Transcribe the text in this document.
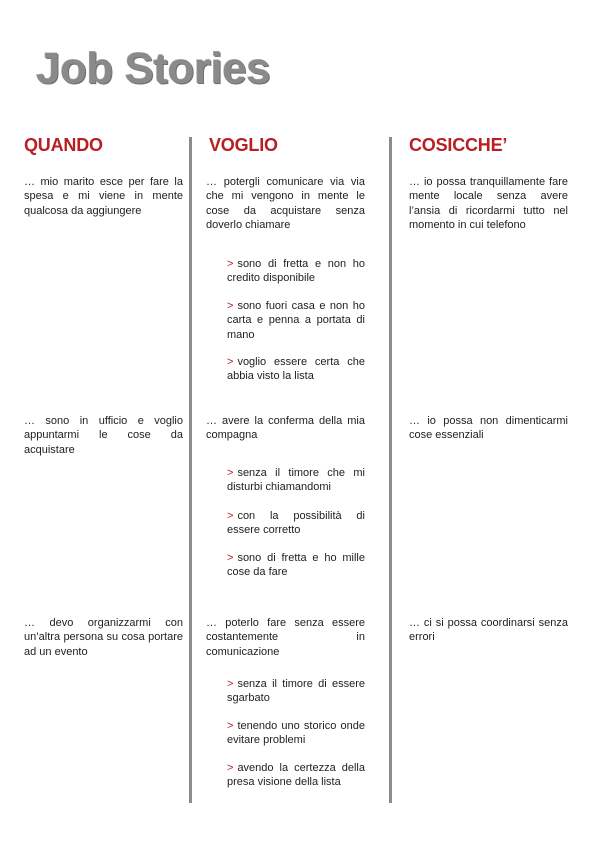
Job Stories
QUANDO	VOGLIO	COSICCHE’

… mio marito esce per fare la spesa e mi viene in mente qualcosa da aggiungere

… potergli comunicare via via che mi vengono in mente le cose da acquistare senza doverlo chiamare

… io possa tranquillamente fare mente locale senza avere l’ansia di ricordarmi tutto nel momento in cui telefono

> sono di fretta e non ho credito disponibile

> sono fuori casa e non ho carta e penna a portata di mano

> voglio essere certa che abbia visto la lista

… sono in ufficio e voglio appuntarmi le cose da acquistare

… avere la conferma della mia compagna

… io possa non dimenticarmi cose essenziali

> senza il timore che mi disturbi chiamandomi

> con la possibilità di essere corretto

> sono di fretta e ho mille cose da fare

… devo organizzarmi con un’altra persona su cosa portare ad un evento

… poterlo fare senza essere costantemente in comunicazione

… ci si possa coordinarsi senza errori

> senza il timore di essere sgarbato

> tenendo uno storico onde evitare problemi

> avendo la certezza della presa visione della lista
